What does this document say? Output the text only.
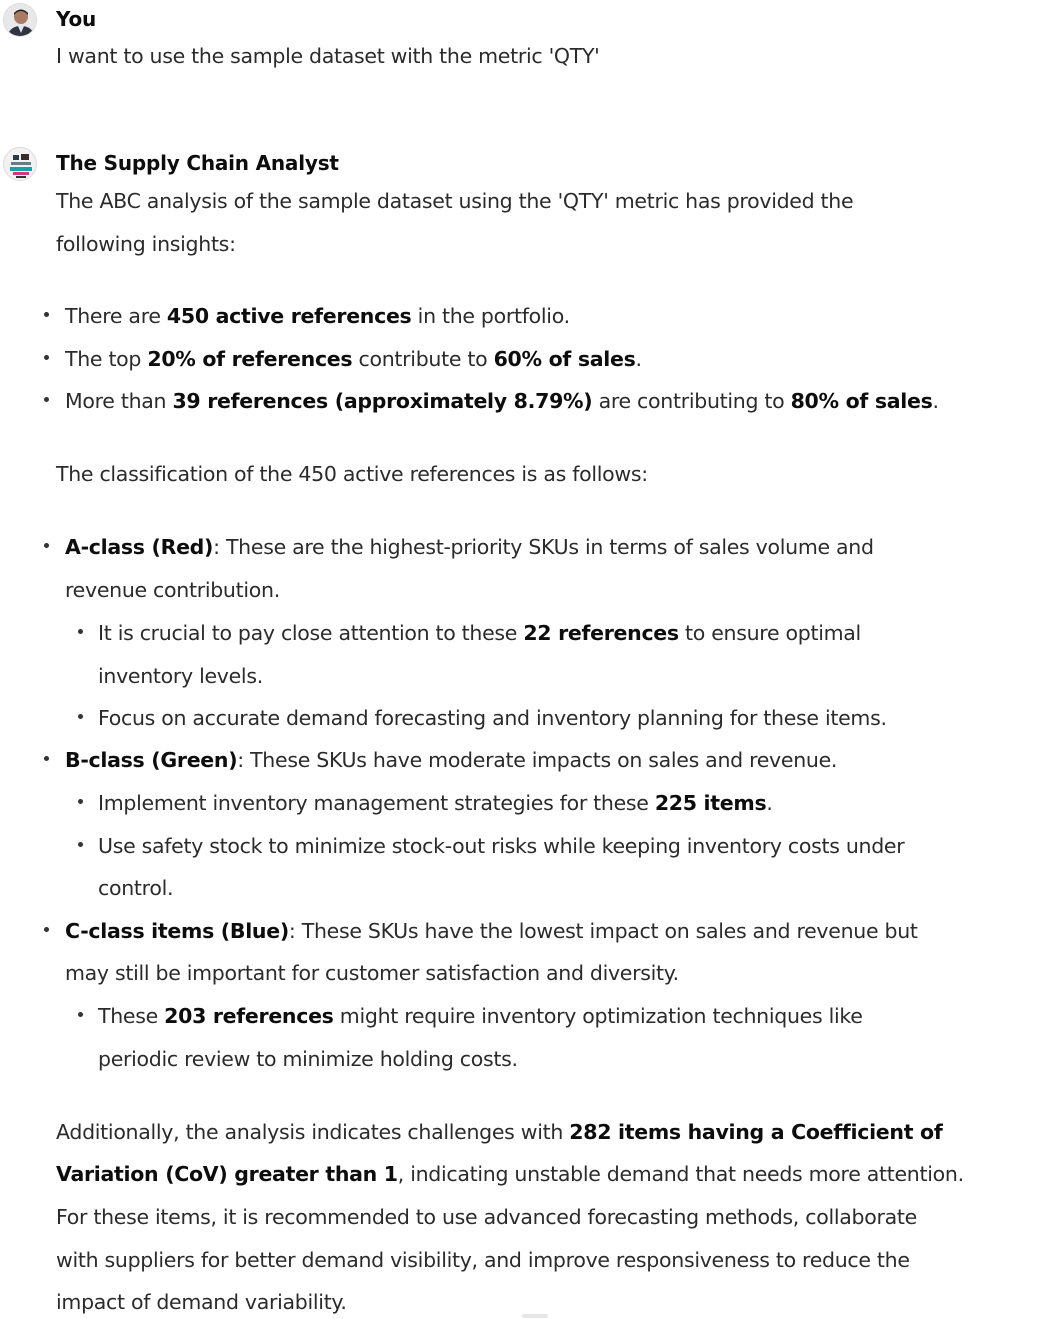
You
I want to use the sample dataset with the metric 'QTY'
The Supply Chain Analyst
The ABC analysis of the sample dataset using the 'QTY' metric has provided the
following insights:
There are 450 active references in the portfolio.
The top 20% of references contribute to 60% of sales.
More than 39 references (approximately 8.79%) are contributing to 80% of sales.
The classification of the 450 active references is as follows:
A-class (Red): These are the highest-priority SKUs in terms of sales volume and
revenue contribution.
It is crucial to pay close attention to these 22 references to ensure optimal
inventory levels.
Focus on accurate demand forecasting and inventory planning for these items.
B-class (Green): These SKUs have moderate impacts on sales and revenue.
Implement inventory management strategies for these 225 items.
Use safety stock to minimize stock-out risks while keeping inventory costs under
control.
C-class items (Blue): These SKUs have the lowest impact on sales and revenue but
may still be important for customer satisfaction and diversity.
These 203 references might require inventory optimization techniques like
periodic review to minimize holding costs.
Additionally, the analysis indicates challenges with 282 items having a Coefficient of
Variation (CoV) greater than 1, indicating unstable demand that needs more attention.
For these items, it is recommended to use advanced forecasting methods, collaborate
with suppliers for better demand visibility, and improve responsiveness to reduce the
impact of demand variability.
